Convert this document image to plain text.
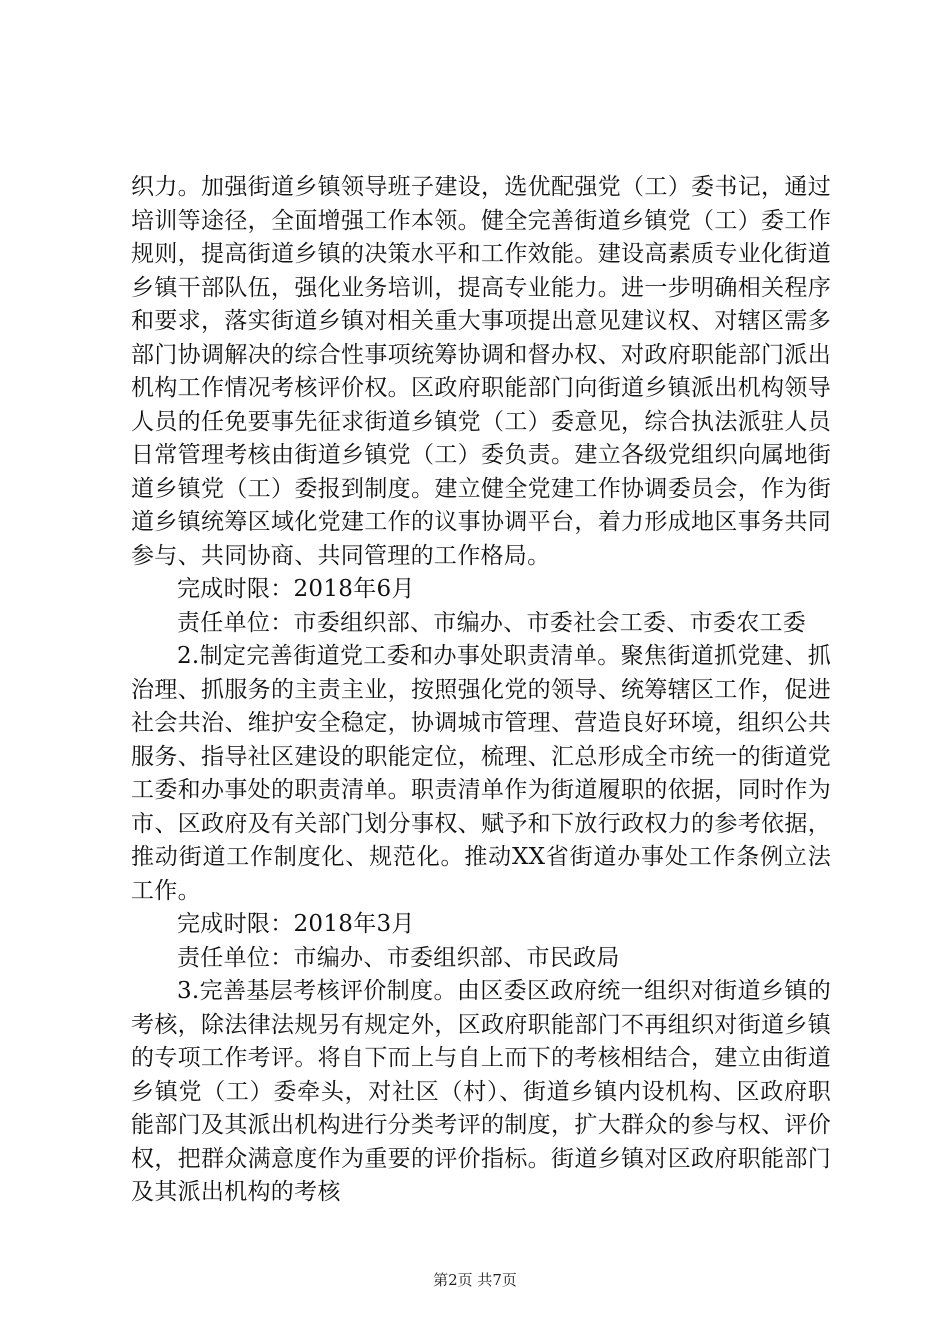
织力。加强街道乡镇领导班子建设，选优配强党（工）委书记，通过培训等途径，全面增强工作本领。健全完善街道乡镇党（工）委工作规则，提高街道乡镇的决策水平和工作效能。建设高素质专业化街道乡镇干部队伍，强化业务培训，提高专业能力。进一步明确相关程序和要求，落实街道乡镇对相关重大事项提出意见建议权、对辖区需多部门协调解决的综合性事项统筹协调和督办权、对政府职能部门派出机构工作情况考核评价权。区政府职能部门向街道乡镇派出机构领导人员的任免要事先征求街道乡镇党（工）委意见，综合执法派驻人员日常管理考核由街道乡镇党（工）委负责。建立各级党组织向属地街道乡镇党（工）委报到制度。建立健全党建工作协调委员会，作为街道乡镇统筹区域化党建工作的议事协调平台，着力形成地区事务共同参与、共同协商、共同管理的工作格局。

完成时限：2018年6月

责任单位：市委组织部、市编办、市委社会工委、市委农工委

2.制定完善街道党工委和办事处职责清单。聚焦街道抓党建、抓治理、抓服务的主责主业，按照强化党的领导、统筹辖区工作，促进社会共治、维护安全稳定，协调城市管理、营造良好环境，组织公共服务、指导社区建设的职能定位，梳理、汇总形成全市统一的街道党工委和办事处的职责清单。职责清单作为街道履职的依据，同时作为市、区政府及有关部门划分事权、赋予和下放行政权力的参考依据，推动街道工作制度化、规范化。推动XX省街道办事处工作条例立法工作。

完成时限：2018年3月

责任单位：市编办、市委组织部、市民政局

3.完善基层考核评价制度。由区委区政府统一组织对街道乡镇的考核，除法律法规另有规定外，区政府职能部门不再组织对街道乡镇的专项工作考评。将自下而上与自上而下的考核相结合，建立由街道乡镇党（工）委牵头，对社区（村）、街道乡镇内设机构、区政府职能部门及其派出机构进行分类考评的制度，扩大群众的参与权、评价权，把群众满意度作为重要的评价指标。街道乡镇对区政府职能部门及其派出机构的考核

第2页 共7页
